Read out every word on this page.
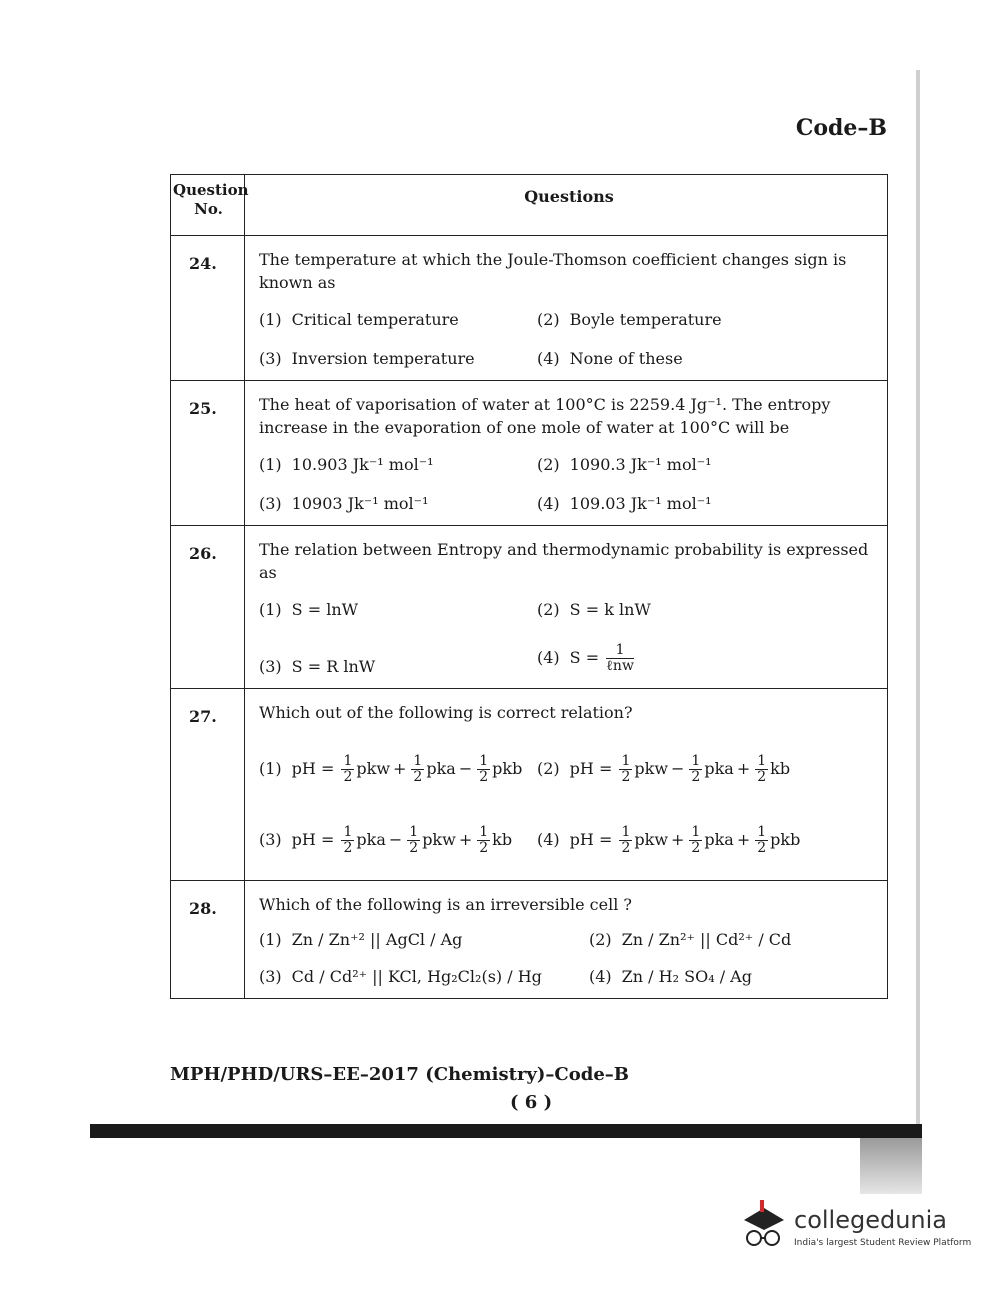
Code–B
Question
No.
Questions
24.	The temperature at which the Joule-Thomson coefficient changes sign is known as
(1) Critical temperature	(2) Boyle temperature
(3) Inversion temperature	(4) None of these
25.	The heat of vaporisation of water at 100°C is 2259.4 Jg⁻¹. The entropy increase in the evaporation of one mole of water at 100°C will be
(1) 10.903 Jk⁻¹ mol⁻¹	(2) 1090.3 Jk⁻¹ mol⁻¹
(3) 10903 Jk⁻¹ mol⁻¹	(4) 109.03 Jk⁻¹ mol⁻¹
26.	The relation between Entropy and thermodynamic probability is expressed as
(1) S = lnW	(2) S = k lnW
(3) S = R lnW	(4) $S = \frac{1}{\text{ℓnw}}$
27.	Which out of the following is correct relation?
(1) pH = $\frac{1}{2}$ pkw + $\frac{1}{2}$ pka − $\frac{1}{2}$ pkb (2) pH = $\frac{1}{2}$ pkw − $\frac{1}{2}$ pka + $\frac{1}{2}$ kb
(3) pH = $\frac{1}{2}$ pka − $\frac{1}{2}$ pkw + $\frac{1}{2}$ kb	(4) pH = $\frac{1}{2}$ pkw + $\frac{1}{2}$ pka + $\frac{1}{2}$ pkb
28.	Which of the following is an irreversible cell ?
(1) Zn / Zn⁺² || AgCl / Ag	(2) Zn / Zn²⁺ || Cd²⁺ / Cd
(3) Cd / Cd²⁺ || KCl, Hg₂Cl₂(s) / Hg	(4) Zn / H₂ SO₄ / Ag
MPH/PHD/URS–EE–2017 (Chemistry)–Code–B
( 6 )
collegedunia
India's largest Student Review Platform
